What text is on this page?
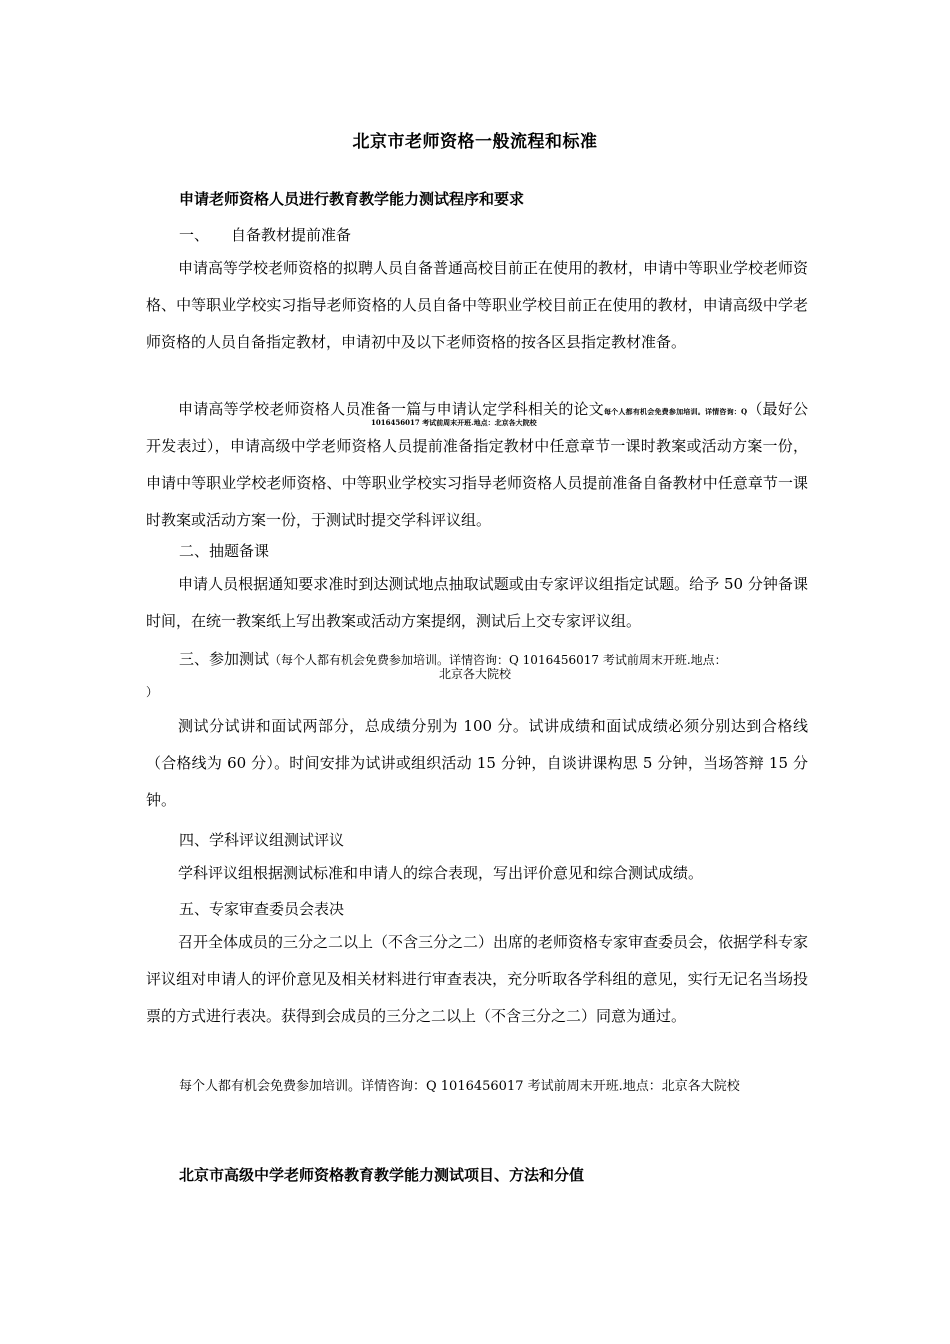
北京市老师资格一般流程和标准
申请老师资格人员进行教育教学能力测试程序和要求
一、 自备教材提前准备

申请高等学校老师资格的拟聘人员自备普通高校目前正在使用的教材，申请中等职业学校老师资格、中等职业学校实习指导老师资格的人员自备中等职业学校目前正在使用的教材，申请高级中学老师资格的人员自备指定教材，申请初中及以下老师资格的按各区县指定教材准备。

申请高等学校老师资格人员准备一篇与申请认定学科相关的论文每个人都有机会免费参加培训。详情咨询：Q（最好公开发表过），申请高级中学老师资格人员提前准备指定教材中任意章节一课时教案或活动方案一份，申请中等职业学校老师资格、中等职业学校实习指导老师资格人员提前准备自备教材中任意章节一课时教案或活动方案一份，于测试时提交学科评议组。

1016456017 考试前周末开班.地点：北京各大院校
二、抽题备课

申请人员根据通知要求准时到达测试地点抽取试题或由专家评议组指定试题。给予 50 分钟备课时间，在统一教案纸上写出教案或活动方案提纲，测试后上交专家评议组。

三、参加测试（每个人都有机会免费参加培训。详情咨询：Q 1016456017 考试前周末开班.地点：
北京各大院校
）

测试分试讲和面试两部分，总成绩分别为 100 分。试讲成绩和面试成绩必须分别达到合格线（合格线为 60 分）。时间安排为试讲或组织活动 15 分钟，自谈讲课构思 5 分钟，当场答辩 15 分钟。

四、学科评议组测试评议

学科评议组根据测试标准和申请人的综合表现，写出评价意见和综合测试成绩。

五、专家审查委员会表决

召开全体成员的三分之二以上（不含三分之二）出席的老师资格专家审查委员会，依据学科专家评议组对申请人的评价意见及相关材料进行审查表决，充分听取各学科组的意见，实行无记名当场投票的方式进行表决。获得到会成员的三分之二以上（不含三分之二）同意为通过。

每个人都有机会免费参加培训。详情咨询：Q 1016456017 考试前周末开班.地点：北京各大院校
北京市高级中学老师资格教育教学能力测试项目、方法和分值
